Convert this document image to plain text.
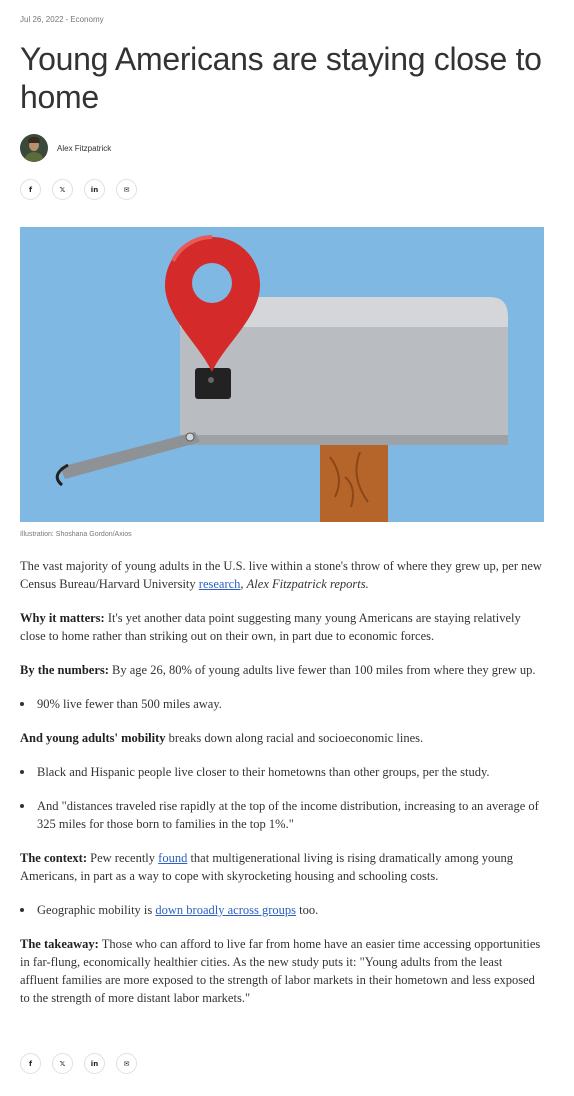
Jul 26, 2022 - Economy
Young Americans are staying close to home
Alex Fitzpatrick
f	𝕏	in	✉
Illustration: Shoshana Gordon/Axios

The vast majority of young adults in the U.S. live within a stone's throw of where they grew up, per new Census Bureau/Harvard University research, Alex Fitzpatrick reports.

Why it matters: It's yet another data point suggesting many young Americans are staying relatively close to home rather than striking out on their own, in part due to economic forces.

By the numbers: By age 26, 80% of young adults live fewer than 100 miles from where they grew up.

90% live fewer than 500 miles away.

And young adults' mobility breaks down along racial and socioeconomic lines.

Black and Hispanic people live closer to their hometowns than other groups, per the study.
And "distances traveled rise rapidly at the top of the income distribution, increasing to an average of 325 miles for those born to families in the top 1%."

The context: Pew recently found that multigenerational living is rising dramatically among young Americans, in part as a way to cope with skyrocketing housing and schooling costs.

Geographic mobility is down broadly across groups too.

The takeaway: Those who can afford to live far from home have an easier time accessing opportunities in far-flung, economically healthier cities. As the new study puts it: "Young adults from the least affluent families are more exposed to the strength of labor markets in their hometown and less exposed to the strength of more distant labor markets."

f	𝕏	in	✉
